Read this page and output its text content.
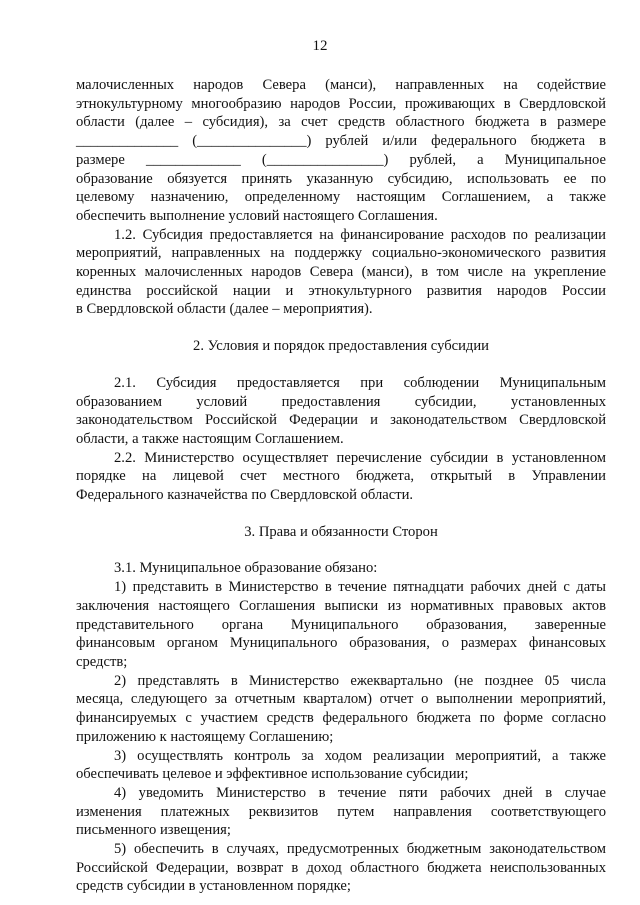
12

малочисленных народов Севера (манси), направленных на содействие

этнокультурному многообразию народов России, проживающих в Свердловской

области (далее – субсидия), за счет средств областного бюджета в размере

______________ (_______________) рублей и/или федерального бюджета в

размере _____________ (________________) рублей, а Муниципальное

образование обязуется принять указанную субсидию, использовать ее по

целевому назначению, определенному настоящим Соглашением, а также

обеспечить выполнение условий настоящего Соглашения.

1.2. Субсидия предоставляется на финансирование расходов по реализации

мероприятий, направленных на поддержку социально-экономического развития

коренных малочисленных народов Севера (манси), в том числе на укрепление

единства российской нации и этнокультурного развития народов России

в Свердловской области (далее – мероприятия).

2. Условия и порядок предоставления субсидии

2.1. Субсидия предоставляется при соблюдении Муниципальным

образованием условий предоставления субсидии, установленных

законодательством Российской Федерации и законодательством Свердловской

области, а также настоящим Соглашением.

2.2. Министерство осуществляет перечисление субсидии в установленном

порядке на лицевой счет местного бюджета, открытый в Управлении

Федерального казначейства по Свердловской области.

3. Права и обязанности Сторон

3.1. Муниципальное образование обязано:

1) представить в Министерство в течение пятнадцати рабочих дней с даты

заключения настоящего Соглашения выписки из нормативных правовых актов

представительного органа Муниципального образования, заверенные

финансовым органом Муниципального образования, о размерах финансовых

средств;

2) представлять в Министерство ежеквартально (не позднее 05 числа

месяца, следующего за отчетным кварталом) отчет о выполнении мероприятий,

финансируемых с участием средств федерального бюджета по форме согласно

приложению к настоящему Соглашению;

3) осуществлять контроль за ходом реализации мероприятий, а также

обеспечивать целевое и эффективное использование субсидии;

4) уведомить Министерство в течение пяти рабочих дней в случае

изменения платежных реквизитов путем направления соответствующего

письменного извещения;

5) обеспечить в случаях, предусмотренных бюджетным законодательством

Российской Федерации, возврат в доход областного бюджета неиспользованных

средств субсидии в установленном порядке;
